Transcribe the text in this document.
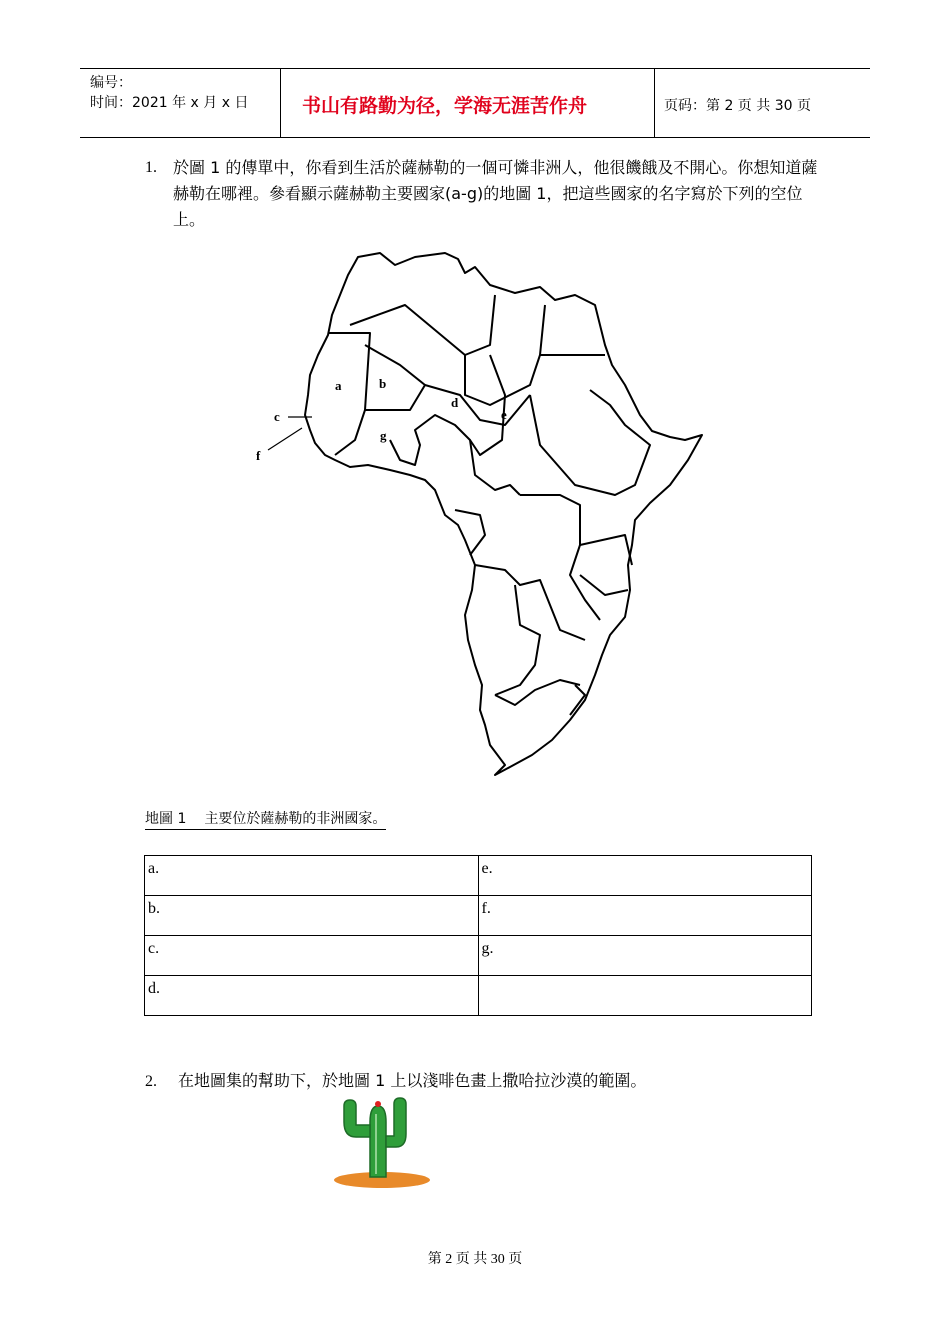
编号：
时间：2021 年 x 月 x 日	书山有路勤为径，学海无涯苦作舟	页码：第 2 页 共 30 页
1. 於圖 1 的傳單中，你看到生活於薩赫勒的一個可憐非洲人，他很饑餓及不開心。你想知道薩赫勒在哪裡。參看顯示薩赫勒主要國家(a-g)的地圖 1，把這些國家的名字寫於下列的空位上。
a	b
c
d
e
f
g
地圖 1 主要位於薩赫勒的非洲國家。
a.	e.
b.	f.
c.	g.
d.	
2. 在地圖集的幫助下，於地圖 1 上以淺啡色畫上撒哈拉沙漠的範圍。
第 2 页 共 30 页
